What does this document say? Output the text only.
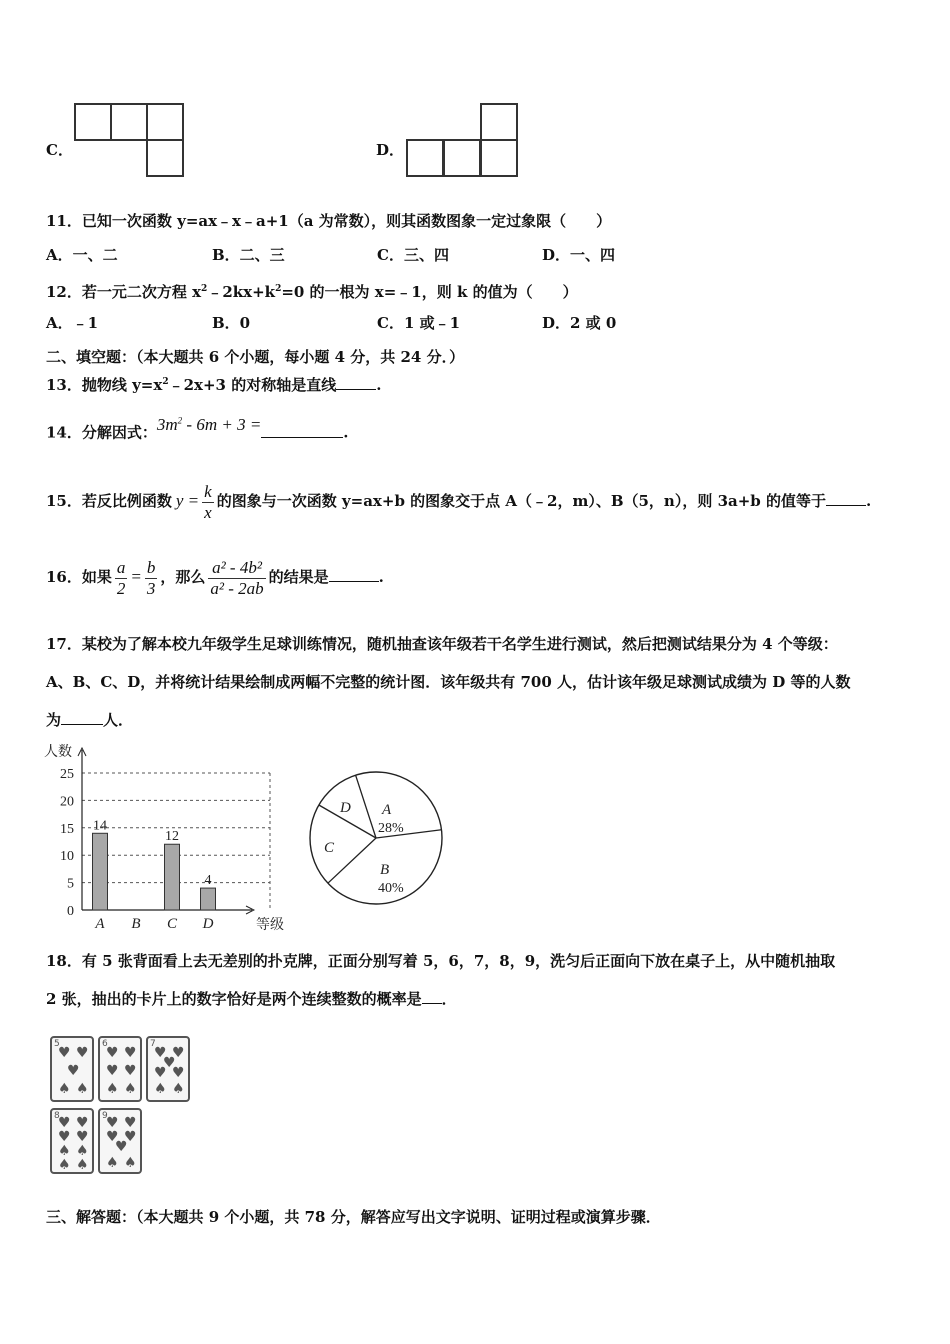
C．	D．
11．已知一次函数 y=ax﹣x﹣a+1（a 为常数），则其函数图象一定过象限（　　）
A．一、二	B．二、三	C．三、四	D．一、四
12．若一元二次方程 $x^2﹣2kx+k^2=0$ 的一根为 x=﹣1，则 k 的值为（　　）
A．﹣1	B．0	C．1 或﹣1	D．2 或 0
二、填空题：（本大题共 6 个小题，每小题 4 分，共 24 分．）
13．抛物线 $y=x^2﹣2x+3$ 的对称轴是直线	.
14．分解因式：$3m^2 - 6m + 3$ =	.
15．若反比例函数 $y = \frac{k}{x}$ 的图象与一次函数 y=ax+b 的图象交于点 A（﹣2，m）、B（5，n），则 3a+b 的值等于	.
16．如果 $\frac{a}{2} = \frac{b}{3}$ ，那么 $\frac{\text{a² - 4b²}}{\text{a² - 2ab}}$ 的结果是	.
17．某校为了解本校九年级学生足球训练情况，随机抽查该年级若干名学生进行测试，然后把测试结果分为 4 个等级：
A、B、C、D，并将统计结果绘制成两幅不完整的统计图．该年级共有 700 人，估计该年级足球测试成绩为 D 等的人数
为	人．
0
5
10
15
20
25
人数
等级
A
14
B C
12
D
4
A
28%
B
40%
C
D
18．有 5 张背面看上去无差别的扑克牌，正面分别写着 5，6，7，8，9，洗匀后正面向下放在桌子上，从中随机抽取
2 张，抽出的卡片上的数字恰好是两个连续整数的概率是 ．
5
♥ ♥
♥
♠ ♠
6
♥ ♥
♥ ♥
♠ ♠
7
♥ ♥
♥
♥ ♥
♠ ♠
8
♥ ♥
♥ ♥
♠ ♠
♠ ♠
9
♥ ♥
♥ ♥
♥
♠ ♠
三、解答题：（本大题共 9 个小题，共 78 分，解答应写出文字说明、证明过程或演算步骤．
